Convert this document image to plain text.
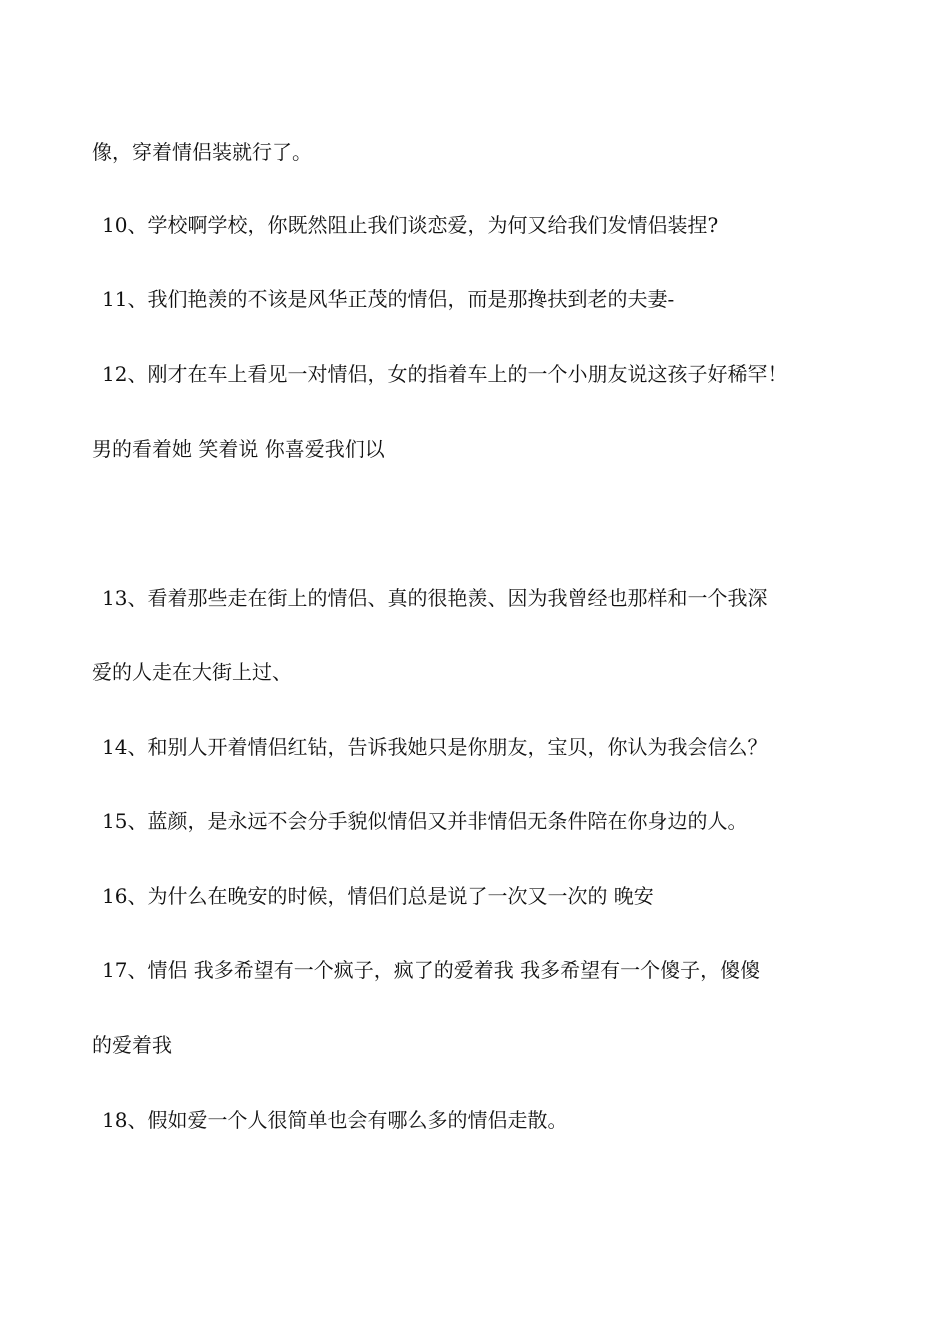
像，穿着情侣装就行了。
10、学校啊学校，你既然阻止我们谈恋爱，为何又给我们发情侣装捏?
11、我们艳羡的不该是风华正茂的情侣，而是那搀扶到老的夫妻-
12、刚才在车上看见一对情侣，女的指着车上的一个小朋友说这孩子好稀罕！
男的看着她 笑着说 你喜爱我们以
13、看着那些走在街上的情侣、真的很艳羡、因为我曾经也那样和一个我深
爱的人走在大街上过、
14、和别人开着情侣红钻，告诉我她只是你朋友，宝贝，你认为我会信么？
15、蓝颜，是永远不会分手貌似情侣又并非情侣无条件陪在你身边的人。
16、为什么在晚安的时候，情侣们总是说了一次又一次的 晚安
17、情侣 我多希望有一个疯子，疯了的爱着我 我多希望有一个傻子，傻傻
的爱着我
18、假如爱一个人很简单也会有哪么多的情侣走散。
